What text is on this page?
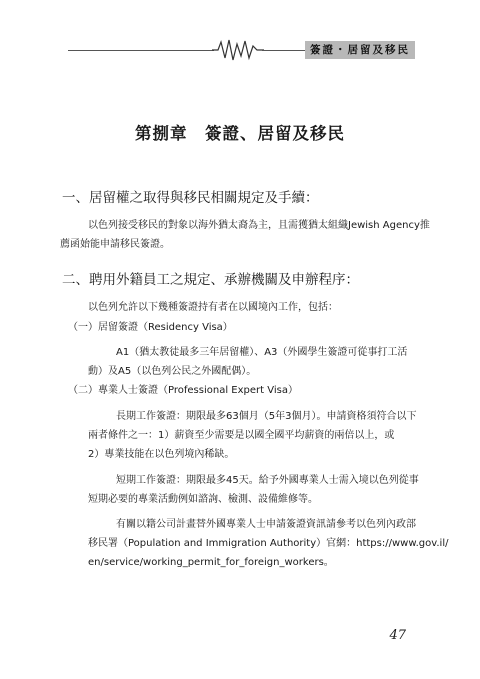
簽證・居留及移民
第捌章　簽證、居留及移民
一、居留權之取得與移民相關規定及手續：
以色列接受移民的對象以海外猶太裔為主，且需獲猶太組織Jewish Agency推
薦函始能申請移民簽證。
二、聘用外籍員工之規定、承辦機關及申辦程序：
以色列允許以下幾種簽證持有者在以國境內工作，包括：
（一）居留簽證（Residency Visa）
A1（猶太教徒最多三年居留權）、A3（外國學生簽證可從事打工活
動）及A5（以色列公民之外國配偶）。
（二）專業人士簽證（Professional Expert Visa）
長期工作簽證：期限最多63個月（5年3個月）。申請資格須符合以下
兩者條件之一：1）薪資至少需要是以國全國平均薪資的兩倍以上，或
2）專業技能在以色列境內稀缺。
短期工作簽證：期限最多45天。給予外國專業人士需入境以色列從事
短期必要的專業活動例如諮詢、檢測、設備維修等。
有關以籍公司計畫替外國專業人士申請簽證資訊請參考以色列內政部
移民署（Population and Immigration Authority）官網：https://www.gov.il/
en/service/working_permit_for_foreign_workers。
47
